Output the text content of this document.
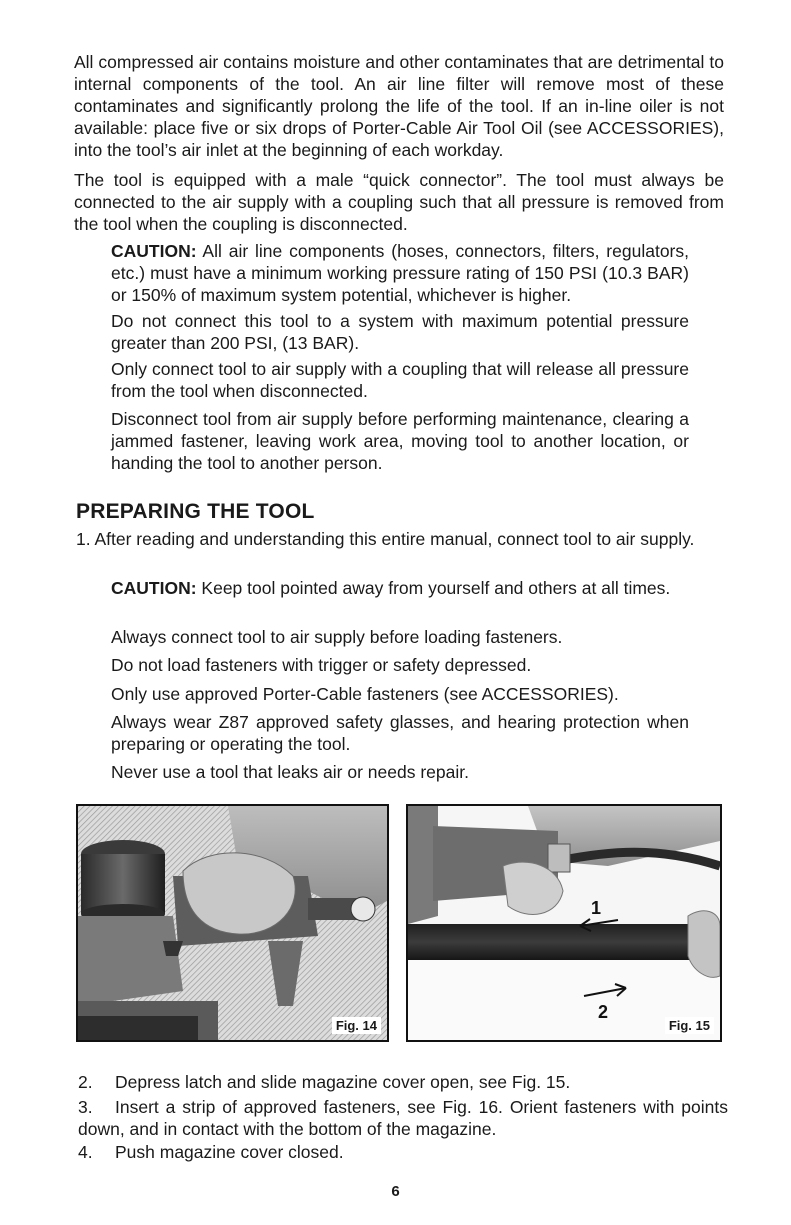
All compressed air contains moisture and other contaminates that are detrimental to internal components of the tool. An air line filter will remove most of these contaminates and significantly prolong the life of the tool. If an in-line oiler is not available: place five or six drops of Porter-Cable Air Tool Oil (see ACCESSORIES), into the tool’s air inlet at the beginning of each workday.

The tool is equipped with a male “quick connector”. The tool must always be connected to the air supply with a coupling such that all pressure is removed from the tool when the coupling is disconnected.

CAUTION: All air line components (hoses, connectors, filters, regulators, etc.) must have a minimum working pressure rating of 150 PSI (10.3 BAR) or 150% of maximum system potential, whichever is higher.

Do not connect this tool to a system with maximum potential pressure greater than 200 PSI, (13 BAR).

Only connect tool to air supply with a coupling that will release all pressure from the tool when disconnected.

Disconnect tool from air supply before performing maintenance, clearing a jammed fastener, leaving work area, moving tool to another location, or handing the tool to another person.

PREPARING THE TOOL

1. After reading and understanding this entire manual, connect tool to air supply.

CAUTION: Keep tool pointed away from yourself and others at all times.

Always connect tool to air supply before loading fasteners.

Do not load fasteners with trigger or safety depressed.

Only use approved Porter-Cable fasteners (see ACCESSORIES).

Always wear Z87 approved safety glasses, and hearing protection when preparing or operating the tool.

Never use a tool that leaks air or needs repair.

Fig. 14
1
2
Fig. 15

2. Depress latch and slide magazine cover open, see Fig. 15.

3. Insert a strip of approved fasteners, see Fig. 16. Orient fasteners with points down, and in contact with the bottom of the magazine.

4. Push magazine cover closed.

6
